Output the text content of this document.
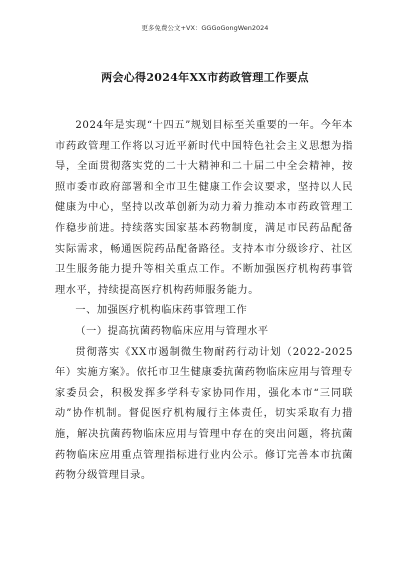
更多免费公文+VX：GGGoGongWen2024
两会心得2024年XX市药政管理工作要点

2024年是实现“十四五”规划目标至关重要的一年。今年本市药政管理工作将以习近平新时代中国特色社会主义思想为指导，全面贯彻落实党的二十大精神和二十届二中全会精神，按照市委市政府部署和全市卫生健康工作会议要求，坚持以人民健康为中心，坚持以改革创新为动力着力推动本市药政管理工作稳步前进。持续落实国家基本药物制度，满足市民药品配备实际需求，畅通医院药品配备路径。支持本市分级诊疗、社区卫生服务能力提升等相关重点工作。不断加强医疗机构药事管理水平，持续提高医疗机构药师服务能力。

一、加强医疗机构临床药事管理工作

（一）提高抗菌药物临床应用与管理水平

贯彻落实《XX市遏制微生物耐药行动计划（2022-2025年）实施方案》。依托市卫生健康委抗菌药物临床应用与管理专家委员会，积极发挥多学科专家协同作用，强化本市“三同联动”协作机制。督促医疗机构履行主体责任，切实采取有力措施，解决抗菌药物临床应用与管理中存在的突出问题，将抗菌药物临床应用重点管理指标进行业内公示。修订完善本市抗菌药物分级管理目录。
